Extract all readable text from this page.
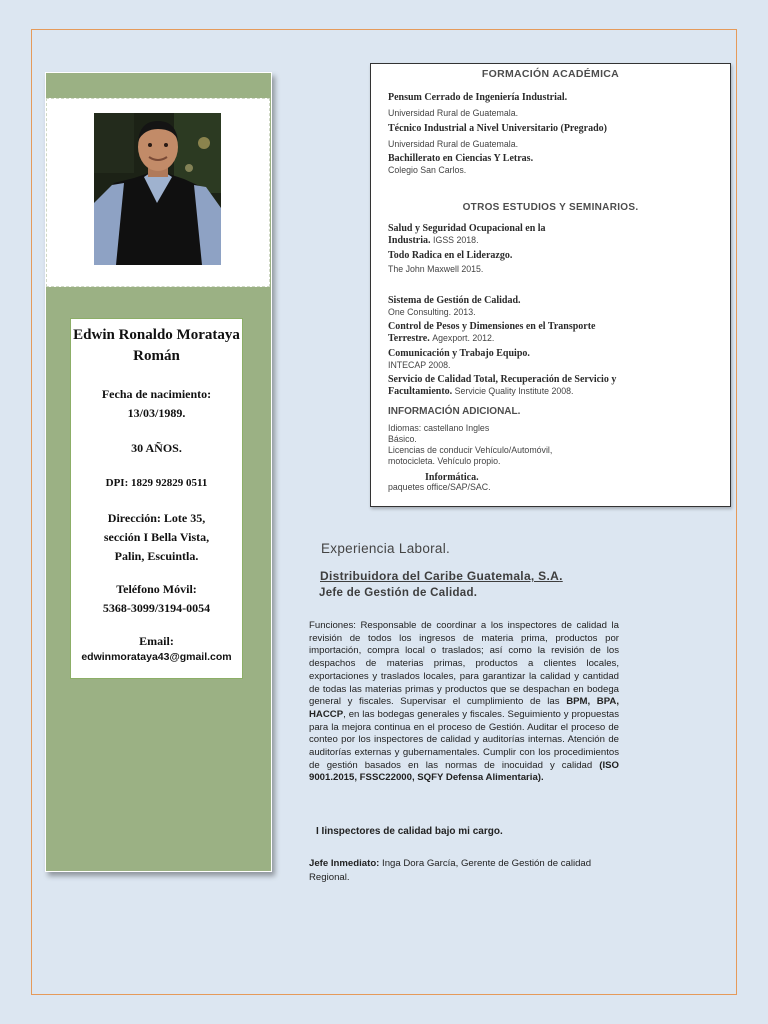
Edwin Ronaldo Morataya Román
Fecha de nacimiento:
13/03/1989.
30 AÑOS.
DPI: 1829 92829 0511
Dirección: Lote 35,
sección I Bella Vista,
Palin, Escuintla.
Teléfono Móvil:
5368-3099/3194-0054
Email:
edwinmorataya43@gmail.com
FORMACIÓN ACADÉMICA
Pensum Cerrado de Ingeniería Industrial.
Universidad Rural de Guatemala.
Técnico Industrial a Nivel Universitario (Pregrado)
Universidad Rural de Guatemala.
Bachillerato en Ciencias Y Letras.
Colegio San Carlos.
OTROS ESTUDIOS Y SEMINARIOS.
Salud y Seguridad Ocupacional en la
Industria. IGSS 2018.
Todo Radica en el Liderazgo.
The John Maxwell 2015.
Sistema de Gestión de Calidad.
One Consulting. 2013.
Control de Pesos y Dimensiones en el Transporte
Terrestre. Agexport. 2012.
Comunicación y Trabajo Equipo.
INTECAP 2008.
Servicio de Calidad Total, Recuperación de Servicio y
Facultamiento. Servicie Quality Institute 2008.
INFORMACIÓN ADICIONAL.
Idiomas: castellano Ingles
Básico.
Licencias de conducir Vehículo/Automóvil,
motocicleta. Vehículo propio.
Informática.
paquetes office/SAP/SAC.
Experiencia Laboral.
Distribuidora del Caribe Guatemala, S.A.
Jefe de Gestión de Calidad.
Funciones: Responsable de coordinar a los inspectores de calidad la revisión de todos los ingresos de materia prima, productos por importación, compra local o traslados; así como la revisión de los despachos de materias primas, productos a clientes locales, exportaciones y traslados locales, para garantizar la calidad y cantidad de todas las materias primas y productos que se despachan en bodega general y fiscales. Supervisar el cumplimiento de las BPM, BPA, HACCP, en las bodegas generales y fiscales. Seguimiento y propuestas para la mejora continua en el proceso de Gestión. Auditar el proceso de conteo por los inspectores de calidad y auditorías internas. Atención de auditorías externas y gubernamentales. Cumplir con los procedimientos de gestión basados en las normas de inocuidad y calidad (ISO 9001.2015, FSSC22000, SQFY Defensa Alimentaria).
I Iinspectores de calidad bajo mi cargo.
Jefe Inmediato: Inga Dora García, Gerente de Gestión de calidad Regional.
